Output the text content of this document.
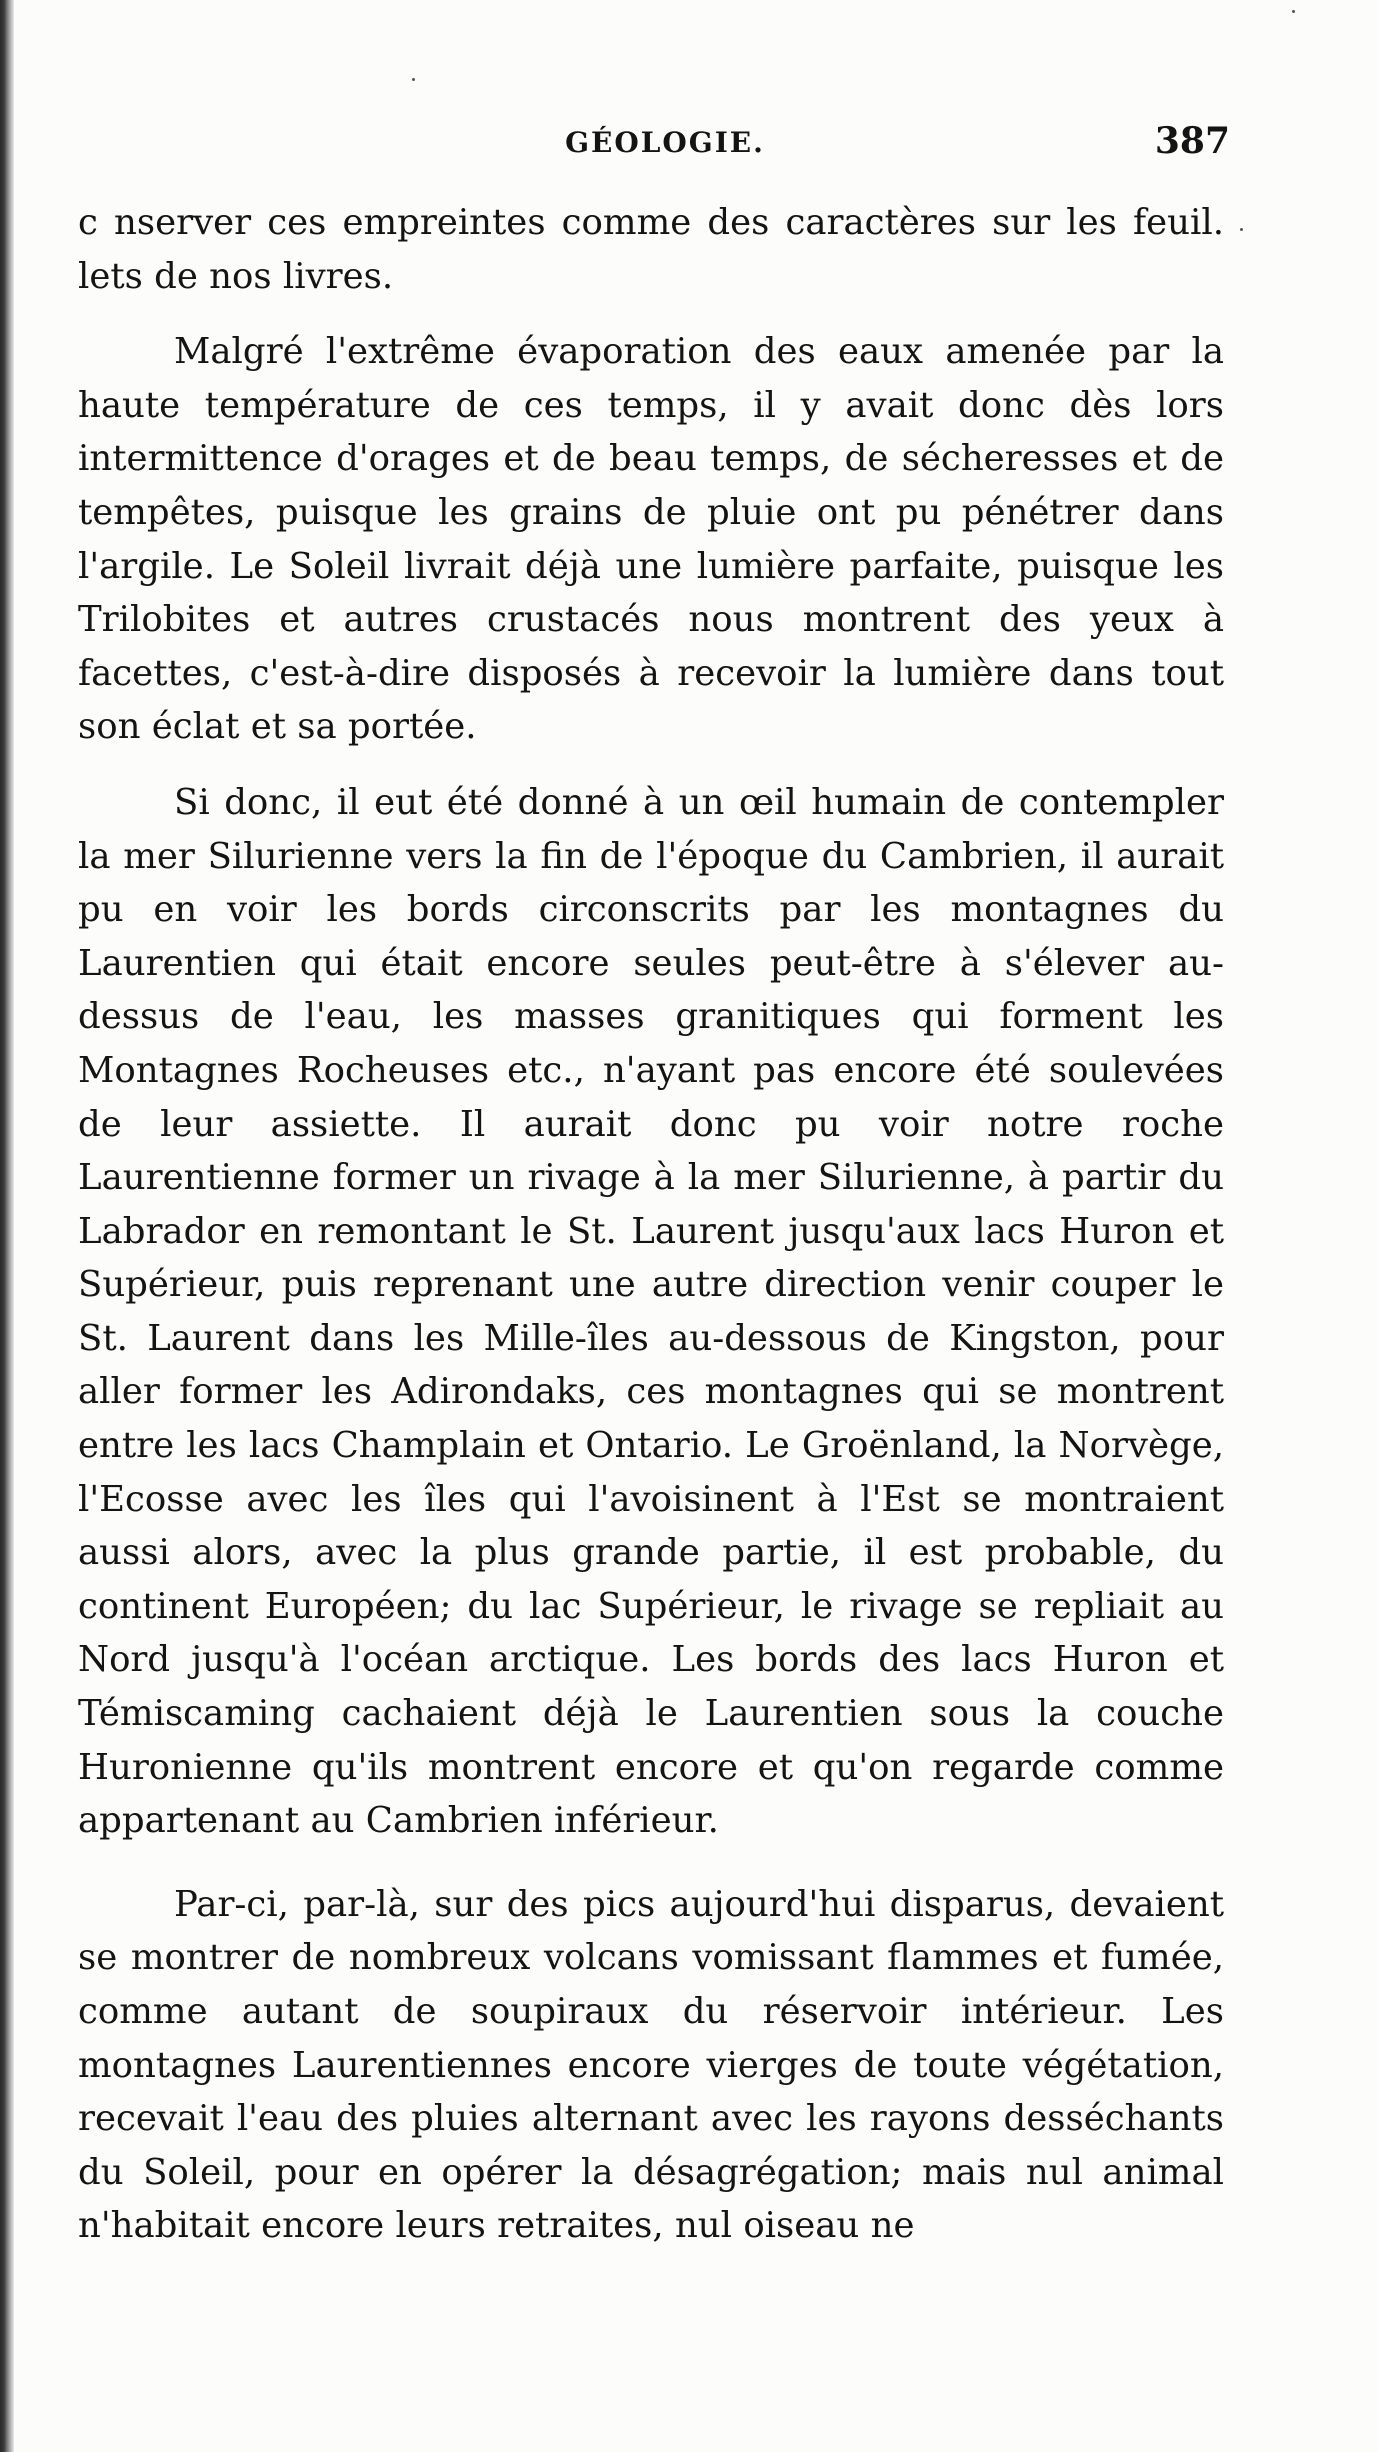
GÉOLOGIE.	387

c nserver ces empreintes comme des caractères sur les feuil. lets de nos livres.

Malgré l'extrême évaporation des eaux amenée par la haute température de ces temps, il y avait donc dès lors intermittence d'orages et de beau temps, de sécheresses et de tempêtes, puisque les grains de pluie ont pu pénétrer dans l'argile. Le Soleil livrait déjà une lumière parfaite, puisque les Trilobites et autres crustacés nous montrent des yeux à facettes, c'est-à-dire disposés à recevoir la lumière dans tout son éclat et sa portée.

Si donc, il eut été donné à un œil humain de contempler la mer Silurienne vers la fin de l'époque du Cambrien, il aurait pu en voir les bords circonscrits par les montagnes du Laurentien qui était encore seules peut-être à s'élever au-dessus de l'eau, les masses granitiques qui forment les Montagnes Rocheuses etc., n'ayant pas encore été soulevées de leur assiette. Il aurait donc pu voir notre roche Laurentienne former un rivage à la mer Silurienne, à partir du Labrador en remontant le St. Laurent jusqu'aux lacs Huron et Supérieur, puis reprenant une autre direction venir couper le St. Laurent dans les Mille-îles au-dessous de Kingston, pour aller former les Adirondaks, ces montagnes qui se montrent entre les lacs Champlain et Ontario. Le Groënland, la Norvège, l'Ecosse avec les îles qui l'avoisinent à l'Est se montraient aussi alors, avec la plus grande partie, il est probable, du continent Européen; du lac Supérieur, le rivage se repliait au Nord jusqu'à l'océan arctique. Les bords des lacs Huron et Témiscaming cachaient déjà le Laurentien sous la couche Huronienne qu'ils montrent encore et qu'on regarde comme appartenant au Cambrien inférieur.

Par-ci, par-là, sur des pics aujourd'hui disparus, devaient se montrer de nombreux volcans vomissant flammes et fumée, comme autant de soupiraux du réservoir intérieur. Les montagnes Laurentiennes encore vierges de toute végétation, recevait l'eau des pluies alternant avec les rayons desséchants du Soleil, pour en opérer la désagrégation; mais nul animal n'habitait encore leurs retraites, nul oiseau ne
